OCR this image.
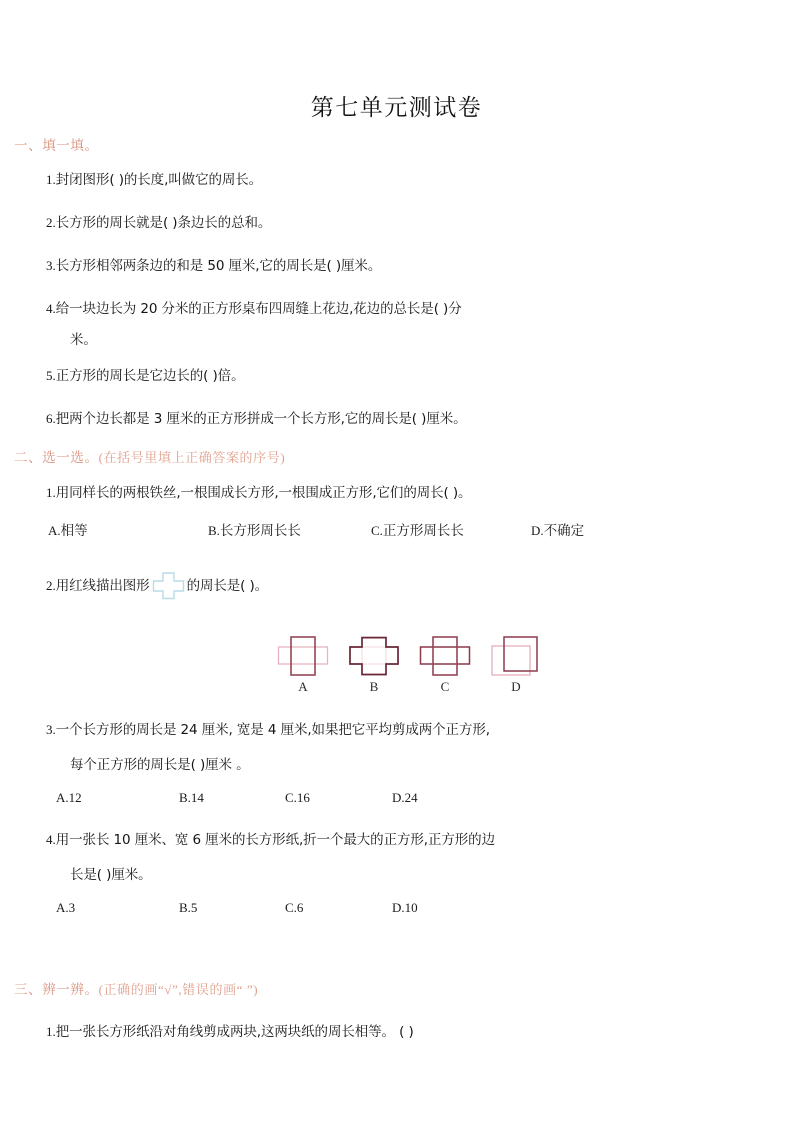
第七单元测试卷
一、填一填。
1.封闭图形( )的长度,叫做它的周长。
2.长方形的周长就是( )条边长的总和。
3.长方形相邻两条边的和是 50 厘米,它的周长是( )厘米。
4.给一块边长为 20 分米的正方形桌布四周缝上花边,花边的总长是( )分
米。
5.正方形的周长是它边长的( )倍。
6.把两个边长都是 3 厘米的正方形拼成一个长方形,它的周长是( )厘米。
二、选一选。(在括号里填上正确答案的序号)
1.用同样长的两根铁丝,一根围成长方形,一根围成正方形,它们的周长( )。
A.相等	B.长方形周长长	C.正方形周长长	D.不确定
2.用红线描出图形	的周长是( )。
A	B	C	D
3.一个长方形的周长是 24 厘米, 宽是 4 厘米,如果把它平均剪成两个正方形,
每个正方形的周长是( )厘米 。
A.12	B.14	C.16	D.24
4.用一张长 10 厘米、宽 6 厘米的长方形纸,折一个最大的正方形,正方形的边
长是( )厘米。
A.3	B.5	C.6	D.10
三、辨一辨。(正确的画“√”,错误的画“ ”)
1.把一张长方形纸沿对角线剪成两块,这两块纸的周长相等。 ( )
